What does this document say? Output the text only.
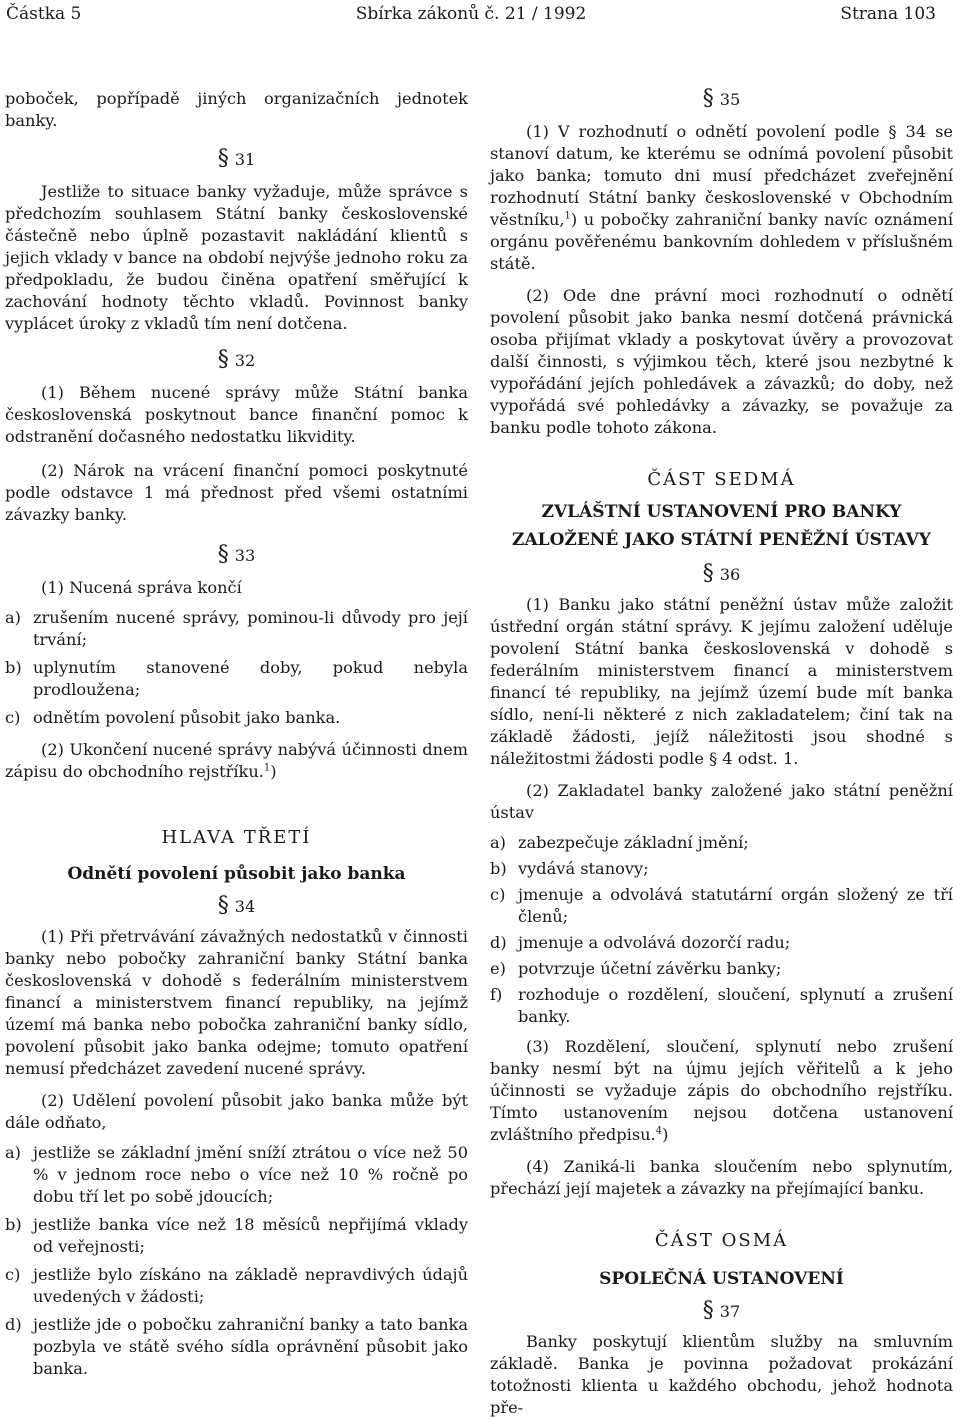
Částka 5	Sbírka zákonů č. 21 / 1992	Strana 103

poboček, popřípadě jiných organizačních jednotek banky.

§ 31

Jestliže to situace banky vyžaduje, může správce s předchozím souhlasem Státní banky československé částečně nebo úplně pozastavit nakládání klientů s jejich vklady v bance na období nejvýše jednoho roku za předpokladu, že budou činěna opatření směřující k zachování hodnoty těchto vkladů. Povinnost banky vyplácet úroky z vkladů tím není dotčena.

§ 32

(1) Během nucené správy může Státní banka československá poskytnout bance finanční pomoc k odstranění dočasného nedostatku likvidity.

(2) Nárok na vrácení finanční pomoci poskytnuté podle odstavce 1 má přednost před všemi ostatními závazky banky.

§ 33

(1) Nucená správa končí

a) zrušením nucené správy, pominou-li důvody pro její trvání;
b) uplynutím stanovené doby, pokud nebyla prodloužena;
c) odnětím povolení působit jako banka.

(2) Ukončení nucené správy nabývá účinnosti dnem zápisu do obchodního rejstříku.$^1$)

HLAVA TŘETÍ

Odnětí povolení působit jako banka

§ 34

(1) Při přetrvávání závažných nedostatků v činnosti banky nebo pobočky zahraniční banky Státní banka československá v dohodě s federálním ministerstvem financí a ministerstvem financí republiky, na jejímž území má banka nebo pobočka zahraniční banky sídlo, povolení působit jako banka odejme; tomuto opatření nemusí předcházet zavedení nucené správy.

(2) Udělení povolení působit jako banka může být dále odňato,

a) jestliže se základní jmění sníží ztrátou o více než 50 % v jednom roce nebo o více než 10 % ročně po dobu tří let po sobě jdoucích;
b) jestliže banka více než 18 měsíců nepřijímá vklady od veřejnosti;
c) jestliže bylo získáno na základě nepravdivých údajů uvedených v žádosti;
d) jestliže jde o pobočku zahraniční banky a tato banka pozbyla ve státě svého sídla oprávnění působit jako banka.

§ 35

(1) V rozhodnutí o odnětí povolení podle § 34 se stanoví datum, ke kterému se odnímá povolení působit jako banka; tomuto dni musí předcházet zveřejnění rozhodnutí Státní banky československé v Obchodním věstníku,$^1$) u pobočky zahraniční banky navíc oznámení orgánu pověřenému bankovním dohledem v příslušném státě.

(2) Ode dne právní moci rozhodnutí o odnětí povolení působit jako banka nesmí dotčená právnická osoba přijímat vklady a poskytovat úvěry a provozovat další činnosti, s výjimkou těch, které jsou nezbytné k vypořádání jejích pohledávek a závazků; do doby, než vypořádá své pohledávky a závazky, se považuje za banku podle tohoto zákona.

ČÁST SEDMÁ

ZVLÁŠTNÍ USTANOVENÍ PRO BANKY

ZALOŽENÉ JAKO STÁTNÍ PENĚŽNÍ ÚSTAVY

§ 36

(1) Banku jako státní peněžní ústav může založit ústřední orgán státní správy. K jejímu založení uděluje povolení Státní banka československá v dohodě s federálním ministerstvem financí a ministerstvem financí té republiky, na jejímž území bude mít banka sídlo, není-li některé z nich zakladatelem; činí tak na základě žádosti, jejíž náležitosti jsou shodné s náležitostmi žádosti podle § 4 odst. 1.

(2) Zakladatel banky založené jako státní peněžní ústav

a) zabezpečuje základní jmění;
b) vydává stanovy;
c) jmenuje a odvolává statutární orgán složený ze tří členů;
d) jmenuje a odvolává dozorčí radu;
e) potvrzuje účetní závěrku banky;
f) rozhoduje o rozdělení, sloučení, splynutí a zrušení banky.

(3) Rozdělení, sloučení, splynutí nebo zrušení banky nesmí být na újmu jejích věřitelů a k jeho účinnosti se vyžaduje zápis do obchodního rejstříku. Tímto ustanovením nejsou dotčena ustanovení zvláštního předpisu.$^4$)

(4) Zaniká-li banka sloučením nebo splynutím, přechází její majetek a závazky na přejímající banku.

ČÁST OSMÁ

SPOLEČNÁ USTANOVENÍ

§ 37

Banky poskytují klientům služby na smluvním základě. Banka je povinna požadovat prokázání totožnosti klienta u každého obchodu, jehož hodnota pře-
